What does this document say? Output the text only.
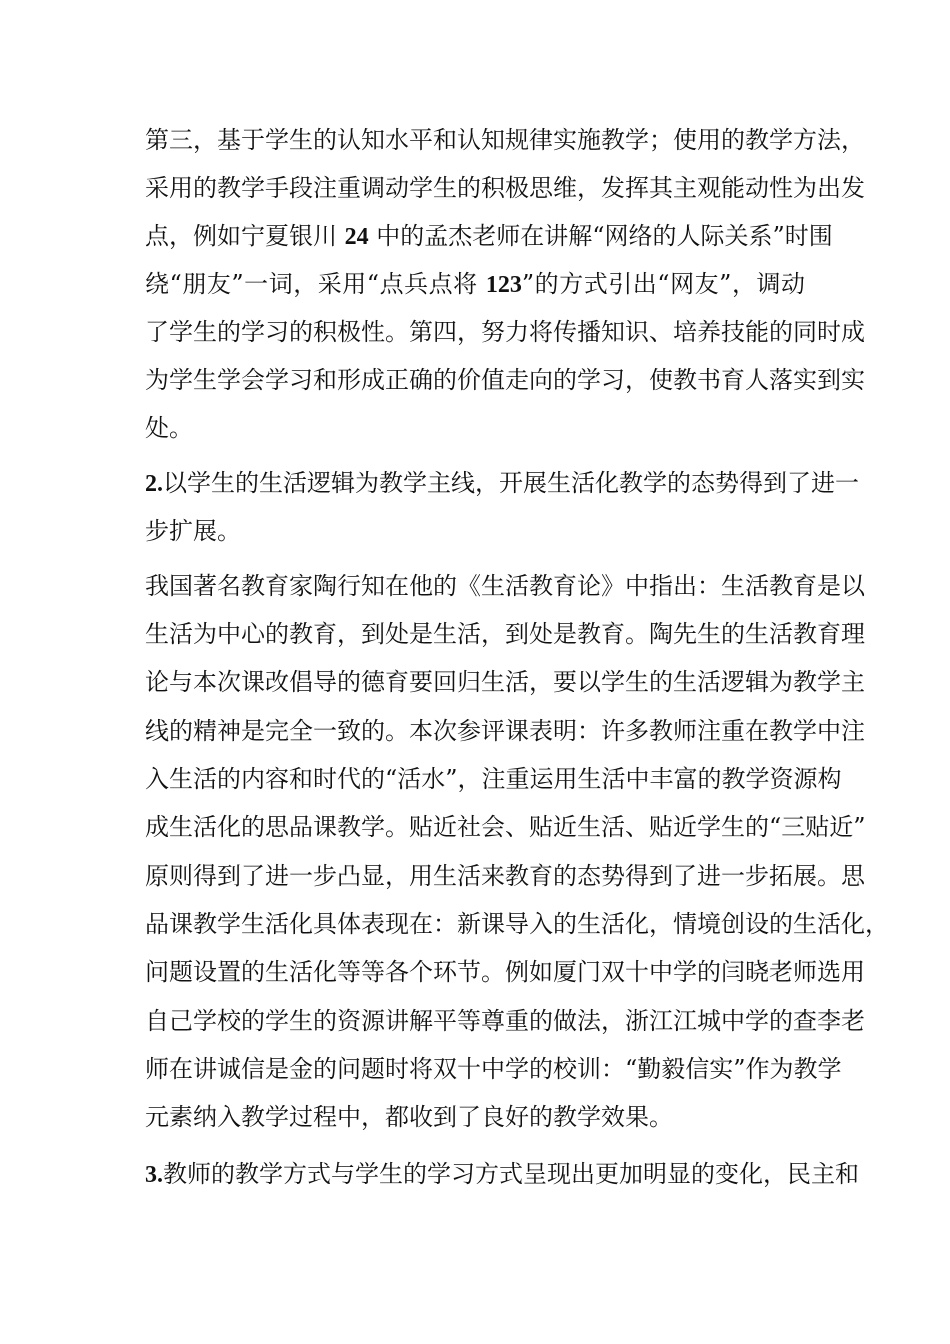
第三，基于学生的认知水平和认知规律实施教学；使用的教学方法，
采用的教学手段注重调动学生的积极思维，发挥其主观能动性为出发
点，例如宁夏银川 24 中的孟杰老师在讲解“网络的人际关系”时围
绕“朋友”一词，采用“点兵点将 123”的方式引出“网友”，调动
了学生的学习的积极性。第四，努力将传播知识、培养技能的同时成
为学生学会学习和形成正确的价值走向的学习，使教书育人落实到实
处。
2.以学生的生活逻辑为教学主线，开展生活化教学的态势得到了进一
步扩展。
我国著名教育家陶行知在他的《生活教育论》中指出：生活教育是以
生活为中心的教育，到处是生活，到处是教育。陶先生的生活教育理
论与本次课改倡导的德育要回归生活，要以学生的生活逻辑为教学主
线的精神是完全一致的。本次参评课表明：许多教师注重在教学中注
入生活的内容和时代的“活水”，注重运用生活中丰富的教学资源构
成生活化的思品课教学。贴近社会、贴近生活、贴近学生的“三贴近”
原则得到了进一步凸显，用生活来教育的态势得到了进一步拓展。思
品课教学生活化具体表现在：新课导入的生活化，情境创设的生活化，
问题设置的生活化等等各个环节。例如厦门双十中学的闫晓老师选用
自己学校的学生的资源讲解平等尊重的做法，浙江江城中学的查李老
师在讲诚信是金的问题时将双十中学的校训：“勤毅信实”作为教学
元素纳入教学过程中，都收到了良好的教学效果。
3.教师的教学方式与学生的学习方式呈现出更加明显的变化，民主和
